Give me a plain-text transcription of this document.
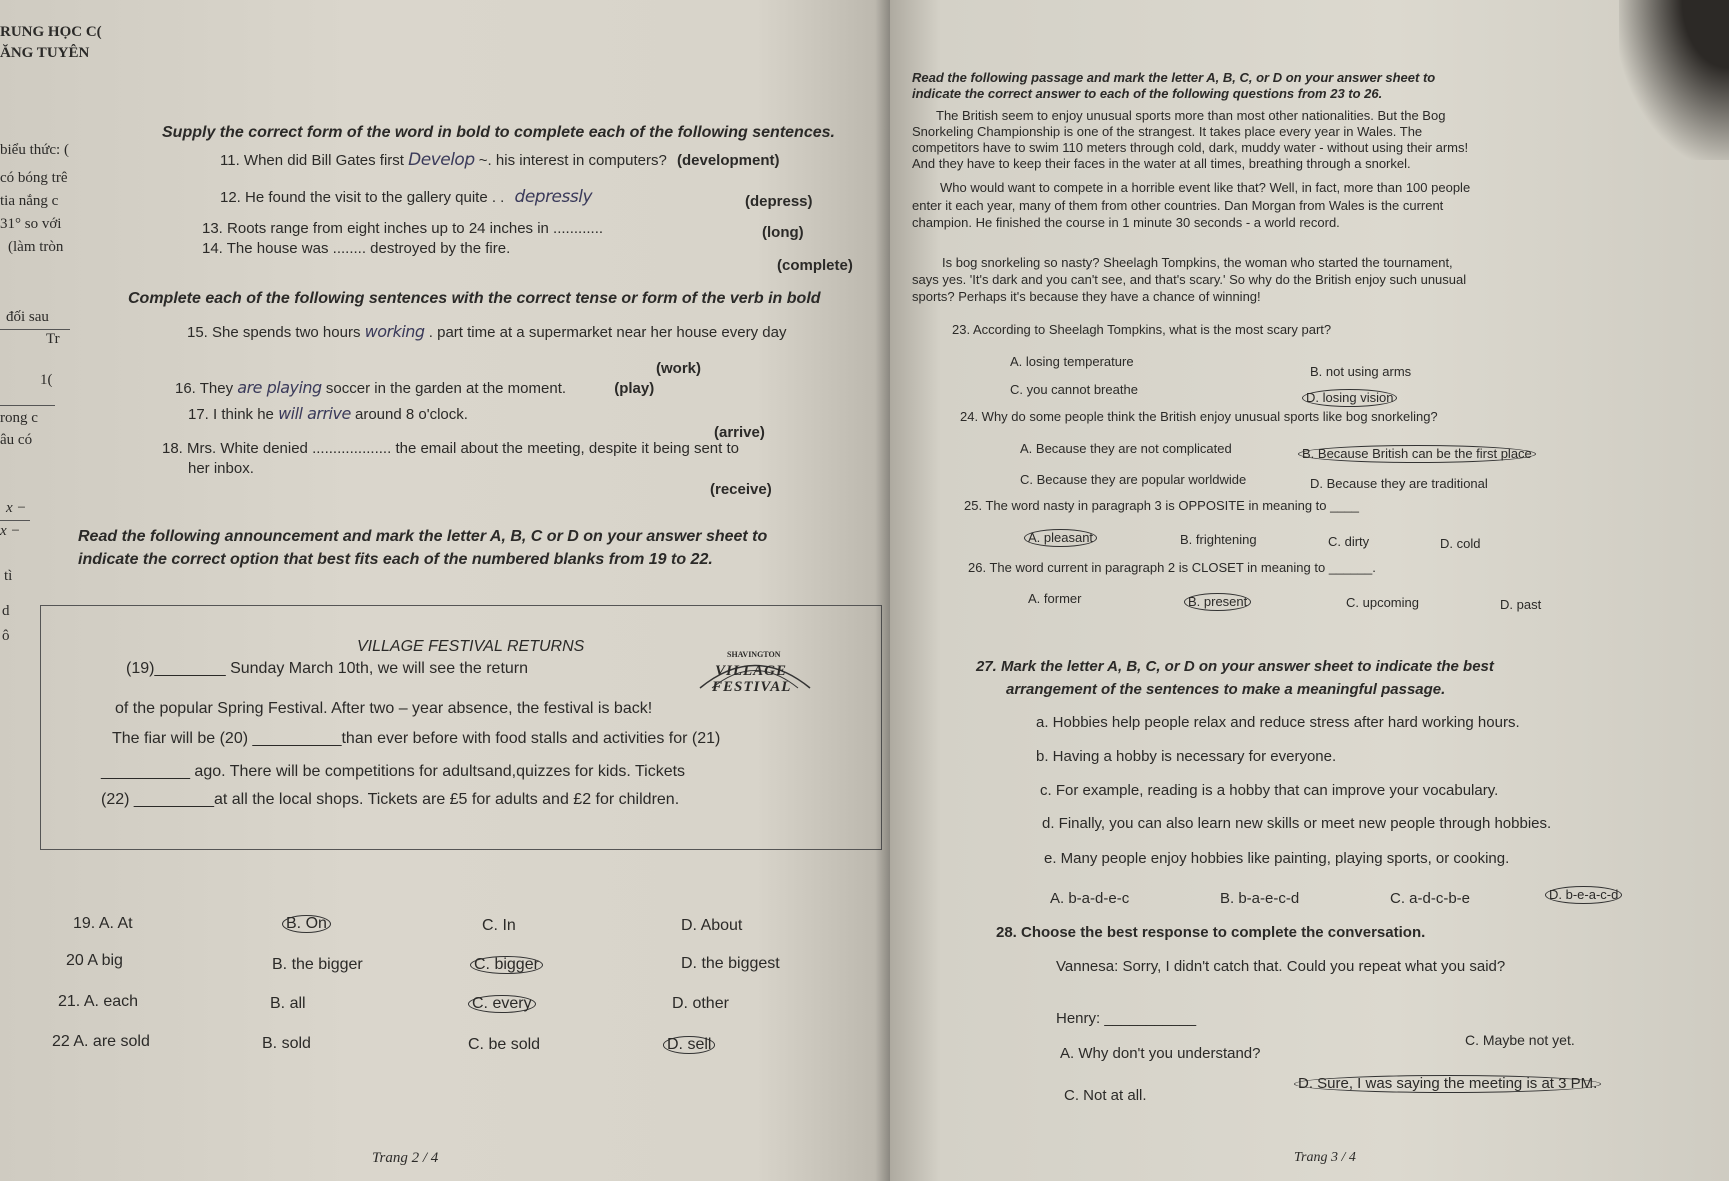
RUNG HỌC C(
ĂNG TUYÊN
biểu thức: (
có bóng trê
tia nắng c
31° so với
(làm tròn
đối sau
Tr
1(
rong c
âu có
x −
x −
tì
d
ô
Supply the correct form of the word in bold to complete each of the following sentences.
11. When did Bill Gates first Develop ~. his interest in computers? (development)
12. He found the visit to the gallery quite . . depressly	(depress)
13. Roots range from eight inches up to 24 inches in ............	(long)
14. The house was ........ destroyed by the fire.
(complete)
Complete each of the following sentences with the correct tense or form of the verb in bold
15. She spends two hours working . part time at a supermarket near her house every day
(work)
16. They are playing soccer in the garden at the moment.	(play)
17. I think he will arrive around 8 o'clock.
(arrive)
18. Mrs. White denied ................... the email about the meeting, despite it being sent to
her inbox.
(receive)
Read the following announcement and mark the letter A, B, C or D on your answer sheet to
indicate the correct option that best fits each of the numbered blanks from 19 to 22.
VILLAGE FESTIVAL RETURNS	SHAVINGTON
VILLAGE
FESTIVAL
(19)________ Sunday March 10th, we will see the return
of the popular Spring Festival. After two – year absence, the festival is back!
The fiar will be (20) __________than ever before with food stalls and activities for (21)
__________ ago. There will be competitions for adultsand,quizzes for kids. Tickets
(22) _________at all the local shops. Tickets are £5 for adults and £2 for children.
19. A. At	B. On	C. In	D. About
20 A big	B. the bigger	C. bigger	D. the biggest
21. A. each	B. all	C. every	D. other
22 A. are sold	B. sold	C. be sold	D. sell
Trang 2 / 4
Read the following passage and mark the letter A, B, C, or D on your answer sheet to
indicate the correct answer to each of the following questions from 23 to 26.
The British seem to enjoy unusual sports more than most other nationalities. But the Bog
Snorkeling Championship is one of the strangest. It takes place every year in Wales. The
competitors have to swim 110 meters through cold, dark, muddy water - without using their arms!
And they have to keep their faces in the water at all times, breathing through a snorkel.
Who would want to compete in a horrible event like that? Well, in fact, more than 100 people
enter it each year, many of them from other countries. Dan Morgan from Wales is the current
champion. He finished the course in 1 minute 30 seconds - a world record.
Is bog snorkeling so nasty? Sheelagh Tompkins, the woman who started the tournament,
says yes. 'It's dark and you can't see, and that's scary.' So why do the British enjoy such unusual
sports? Perhaps it's because they have a chance of winning!
23. According to Sheelagh Tompkins, what is the most scary part?
A. losing temperature
B. not using arms
C. you cannot breathe
D. losing vision
24. Why do some people think the British enjoy unusual sports like bog snorkeling?
A. Because they are not complicated	B. Because British can be the first place
C. Because they are popular worldwide	D. Because they are traditional
25. The word nasty in paragraph 3 is OPPOSITE in meaning to ____
A. pleasant	B. frightening	C. dirty	D. cold
26. The word current in paragraph 2 is CLOSET in meaning to ______.
A. former	B. present	C. upcoming	D. past
27. Mark the letter A, B, C, or D on your answer sheet to indicate the best
arrangement of the sentences to make a meaningful passage.
a. Hobbies help people relax and reduce stress after hard working hours.
b. Having a hobby is necessary for everyone.
c. For example, reading is a hobby that can improve your vocabulary.
d. Finally, you can also learn new skills or meet new people through hobbies.
e. Many people enjoy hobbies like painting, playing sports, or cooking.
A. b-a-d-e-c	B. b-a-e-c-d	C. a-d-c-b-e	D. b-e-a-c-d
28. Choose the best response to complete the conversation.
Vannesa: Sorry, I didn't catch that. Could you repeat what you said?
Henry: ___________
A. Why don't you understand?
C. Maybe not yet.
C. Not at all.
D. Sure, I was saying the meeting is at 3 PM.
Trang 3 / 4
